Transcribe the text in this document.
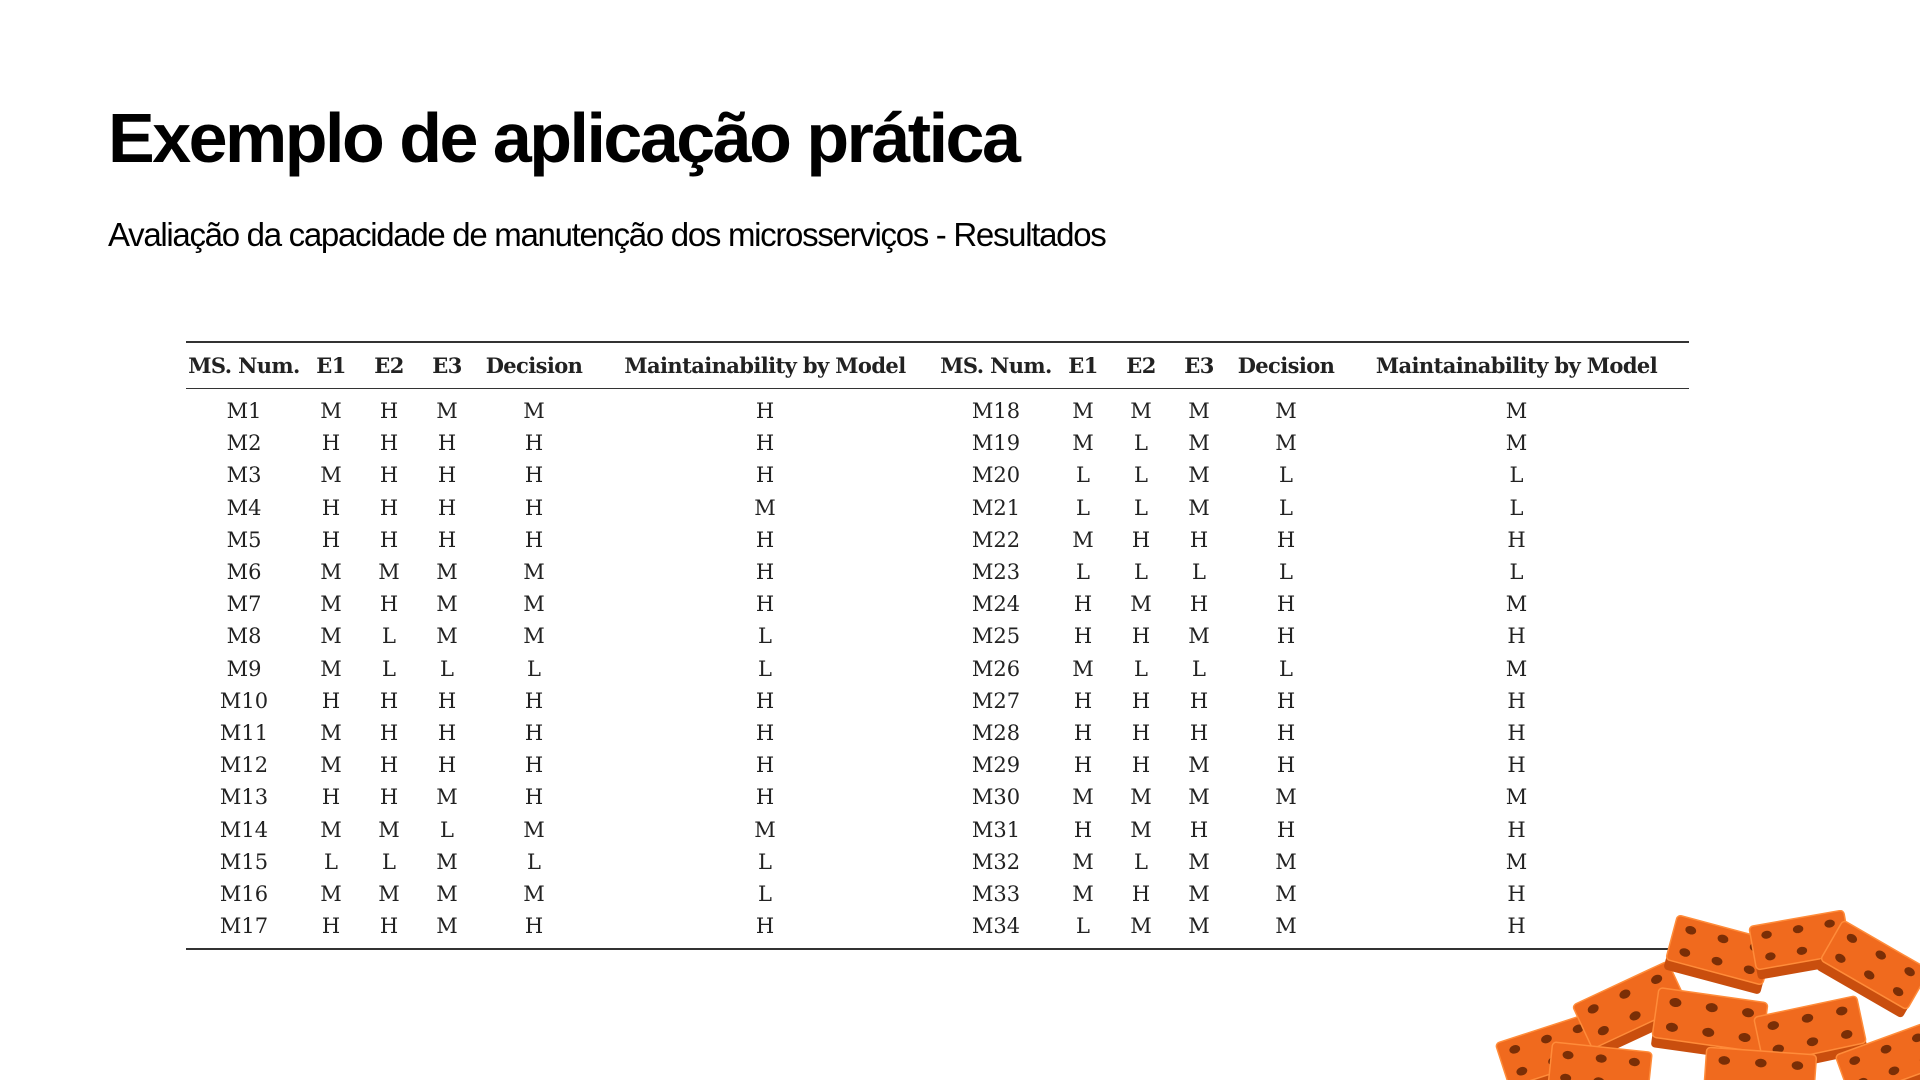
Exemplo de aplicação prática
Avaliação da capacidade de manutenção dos microsserviços - Resultados
MS. Num.	E1	E2	E3	Decision	Maintainability by Model	MS. Num.	E1	E2	E3	Decision	Maintainability by Model
M1	M	H	M	M	H	M18	M	M	M	M	M
M2	H	H	H	H	H	M19	M	L	M	M	M
M3	M	H	H	H	H	M20	L	L	M	L	L
M4	H	H	H	H	M	M21	L	L	M	L	L
M5	H	H	H	H	H	M22	M	H	H	H	H
M6	M	M	M	M	H	M23	L	L	L	L	L
M7	M	H	M	M	H	M24	H	M	H	H	M
M8	M	L	M	M	L	M25	H	H	M	H	H
M9	M	L	L	L	L	M26	M	L	L	L	M
M10	H	H	H	H	H	M27	H	H	H	H	H
M11	M	H	H	H	H	M28	H	H	H	H	H
M12	M	H	H	H	H	M29	H	H	M	H	H
M13	H	H	M	H	H	M30	M	M	M	M	M
M14	M	M	L	M	M	M31	H	M	H	H	H
M15	L	L	M	L	L	M32	M	L	M	M	M
M16	M	M	M	M	L	M33	M	H	M	M	H
M17	H	H	M	H	H	M34	L	M	M	M	H
